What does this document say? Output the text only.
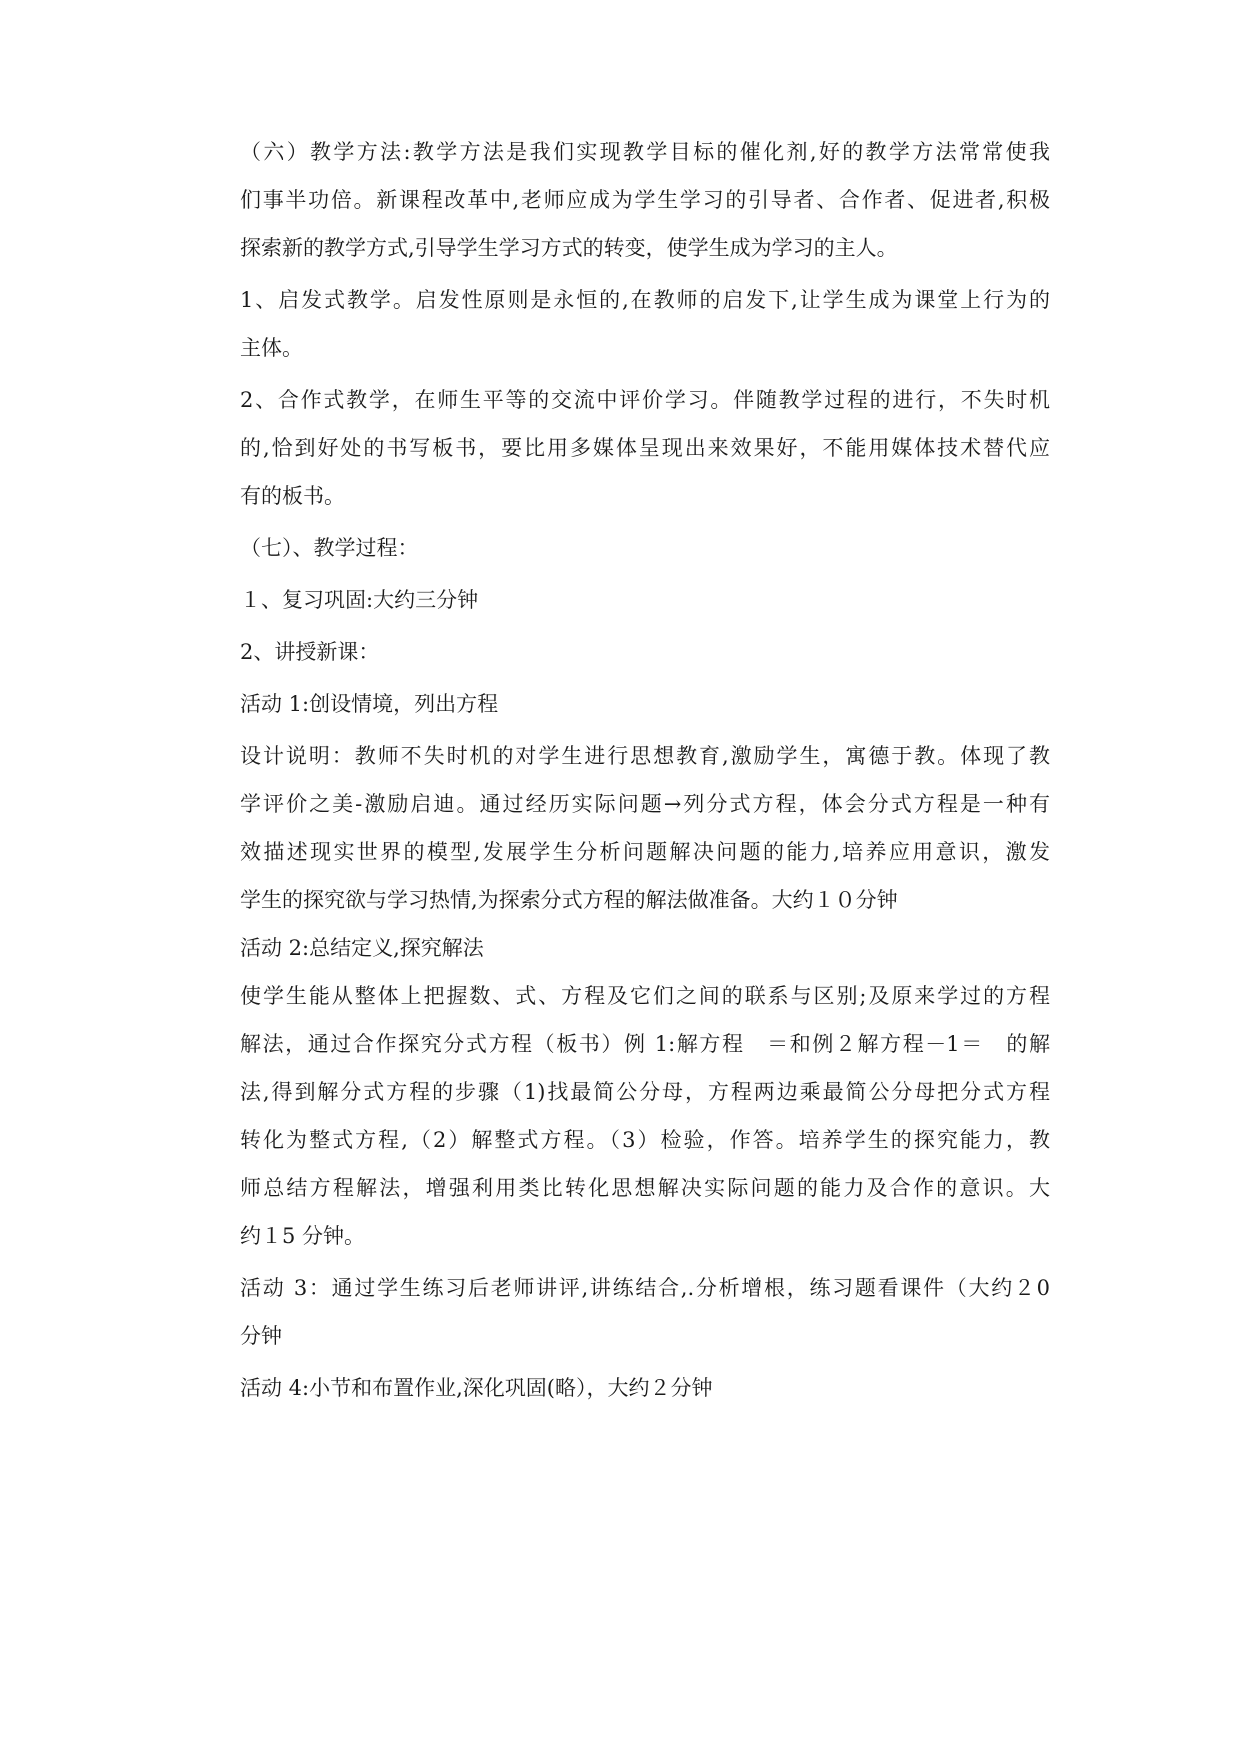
（六）教学方法:教学方法是我们实现教学目标的催化剂,好的教学方法常常使我
们事半功倍。新课程改革中,老师应成为学生学习的引导者、合作者、促进者,积极
探索新的教学方式,引导学生学习方式的转变，使学生成为学习的主人。
1、启发式教学。启发性原则是永恒的,在教师的启发下,让学生成为课堂上行为的
主体。
2、合作式教学，在师生平等的交流中评价学习。伴随教学过程的进行，不失时机
的,恰到好处的书写板书，要比用多媒体呈现出来效果好，不能用媒体技术替代应
有的板书。
（七）、教学过程：
１、复习巩固:大约三分钟
2、讲授新课：
活动 1:创设情境，列出方程
设计说明：教师不失时机的对学生进行思想教育,激励学生，寓德于教。体现了教
学评价之美-激励启迪。通过经历实际问题→列分式方程，体会分式方程是一种有
效描述现实世界的模型,发展学生分析问题解决问题的能力,培养应用意识，激发
学生的探究欲与学习热情,为探索分式方程的解法做准备。大约１０分钟
活动 2:总结定义,探究解法
使学生能从整体上把握数、式、方程及它们之间的联系与区别;及原来学过的方程
解法，通过合作探究分式方程（板书）例 1:解方程　＝和例２解方程－1＝　的解
法,得到解分式方程的步骤（1)找最简公分母，方程两边乘最简公分母把分式方程
转化为整式方程,（2）解整式方程。（3）检验，作答。培养学生的探究能力，教
师总结方程解法，增强利用类比转化思想解决实际问题的能力及合作的意识。大
约１5 分钟。
活动 3：通过学生练习后老师讲评,讲练结合,.分析增根，练习题看课件（大约２0
分钟
活动 4:小节和布置作业,深化巩固(略），大约２分钟
